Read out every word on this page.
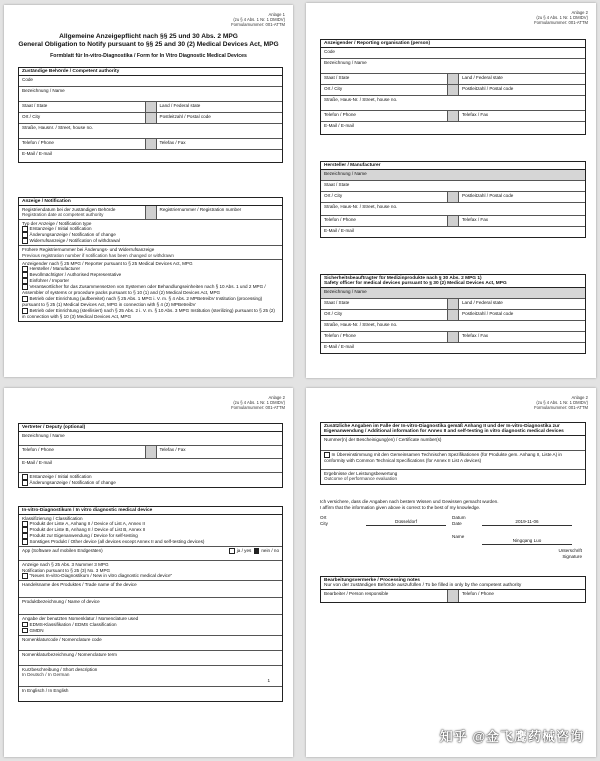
Anlage 1
(zu § 4 Abs. 1 Nr. 1 DMIDV)
Formularnummer: 001-ATTM
Allgemeine Anzeigepflicht nach §§ 25 und 30 Abs. 2 MPG
General Obligation to Notify pursuant to §§ 25 and 30 (2) Medical Devices Act, MPG
Formblatt für In-vitro-Diagnostika / Form for In Vitro Diagnostic Medical Devices
Zuständige Behörde / Competent authority
Code
Bezeichnung / Name
Staat / State	Land / Federal state
Ort / City	Postleitzahl / Postal code
Straße, Hausnr. / Street, house no.
Telefon / Phone	Telefax / Fax
E-Mail / E-mail
Anzeige / Notification
Registriendatum bei der zuständigen Behörde
Registration date at competent authority
Registriernummer / Registration number
Typ der Anzeige / Notification type
Erstanzeige / Initial notification
Änderungsanzeige / Notification of change
Widerrufsanzeige / Notification of withdrawal
Frühere Registriernummer bei Änderungs- und Widerrufsanzeige
Previous registration number if notification has been changed or withdrawn
Anzeigender nach § 25 MPG / Reporter pursuant to § 25 Medical Devices Act, MPG
Hersteller / Manufacturer
Bevollmächtigter / Authorised Representative
Einführer / Importer
Verantwortlicher für das Zusammensetzen von Systemen oder Behandlungseinheiten nach § 10 Abs. 1 und 2 MPG / Assembler of systems or procedure packs pursuant to § 10 (1) and (2) Medical Devices Act, MPG
Betrieb oder Einrichtung (aufbereitet) nach § 25 Abs. 1 MPG i. V. m. § 4 Abs. 2 MPBetreibV Institution (processing) pursuant to § 25 (1) Medical Devices Act, MPG in connection with § 4 (2) MPBetreibV
Betrieb oder Einrichtung (sterilisiert) nach § 25 Abs. 2 i. V. m. § 10 Abs. 3 MPG Institution (sterilizing) pursuant to § 25 (2) in connection with § 10 (3) Medical Devices Act, MPG
Anlage 2
(zu § 4 Abs. 1 Nr. 1 DMIDV)
Formularnummer: 001-ATTM
Anzeigender / Reporting organisation (person)
Code
Bezeichnung / Name
Staat / State	Land / Federal state
Ort / City	Postleitzahl / Postal code
Straße, Haus-Nr. / Street, house no.
Telefon / Phone	Telefax / Fax
E-Mail / E-mail
Hersteller / Manufacturer
Bezeichnung / Name
Staat / State
Ort / City	Postleitzahl / Postal code
Straße, Haus-Nr. / Street, house no.
Telefon / Phone	Telefax / Fax
E-Mail / E-mail
Sicherheitsbeauftragter für Medizinprodukte nach § 30 Abs. 2 MPG 1)
Safety officer for medical devices pursuant to § 30 (2) Medical Devices Act, MPG
Bezeichnung / Name
Staat / State	Land / Federal state
Ort / City	Postleitzahl / Postal code
Straße, Haus-Nr. / Street, house no.
Telefon / Phone	Telefax / Fax
E-Mail / E-mail
Anlage 2
(zu § 4 Abs. 1 Nr. 1 DMIDV)
Formularnummer: 001-ATTM
Vertreter / Deputy (optional)
Bezeichnung / Name
Telefon / Phone	Telefax / Fax
E-Mail / E-mail
Erstanzeige / Initial notification
Änderungsanzeige / Notification of change
In-vitro-Diagnostikum / In vitro diagnostic medical device
Klassifizierung / Classification
Produkt der Liste A, Anhang II / Device of List A, Annex II
Produkt der Liste B, Anhang II / Device of List B, Annex II
Produkt zur Eigenanwendung / Device for self-testing
Sonstiges Produkt / Other device (all devices except Annex II and self-testing devices)
App (Software auf mobilen Endgeräten)	ja / yes nein / no
Anzeige nach § 25 Abs. 3 Nummer 3 MPG
Notification pursuant to § 25 (3) No. 3 MPG
"Neues In-vitro-Diagnostikum / New in vitro diagnostic medical device"
Handelsname des Produktes / Trade name of the device
Produktbezeichnung / Name of device
Angabe der benutzten Nomenklatur / Nomenclature used
EDMS-Klassifikation / EDMS Classification
GMDN
Nomenklaturcode / Nomenclature code
Nomenklaturbezeichnung / Nomenclature term
Kurzbeschreibung / Short description
In Deutsch / In German
1
In Englisch / In English
Anlage 2
(zu § 4 Abs. 1 Nr. 1 DMIDV)
Formularnummer: 001-ATTM
Zusätzliche Angaben im Falle der In-vitro-Diagnostika gemäß Anhang II und der In-vitro-Diagnostika zur Eigenanwendung / Additional information for Annex II and self-testing in vitro diagnostic medical devices
Nummer(n) der Bescheinigung(en) / Certificate number(s)
In Übereinstimmung mit den Gemeinsamen Technischen Spezifikationen (für Produkte gem. Anhang II, Liste A) in conformity with Common Technical Specifications (for Annex II List A devices)
Ergebnisse der Leistungsbewertung
Outcome of performance evaluation
Ich versichere, dass die Angaben nach bestem Wissen und Gewissen gemacht wurden.
I affirm that the information given above is correct to the best of my knowledge.
Ort
City	Düsseldorf
Datum
Date	2019-11-06
Name
Ningqang Luo
Unterschrift
Signature
Bearbeitungsvermerke / Processing notes
Nur von der zuständigen Behörde auszufüllen / To be filled in only by the competent authority
Bearbeiter / Person responsible	Telefon / Phone
知乎 @金飞鹰药械咨询
